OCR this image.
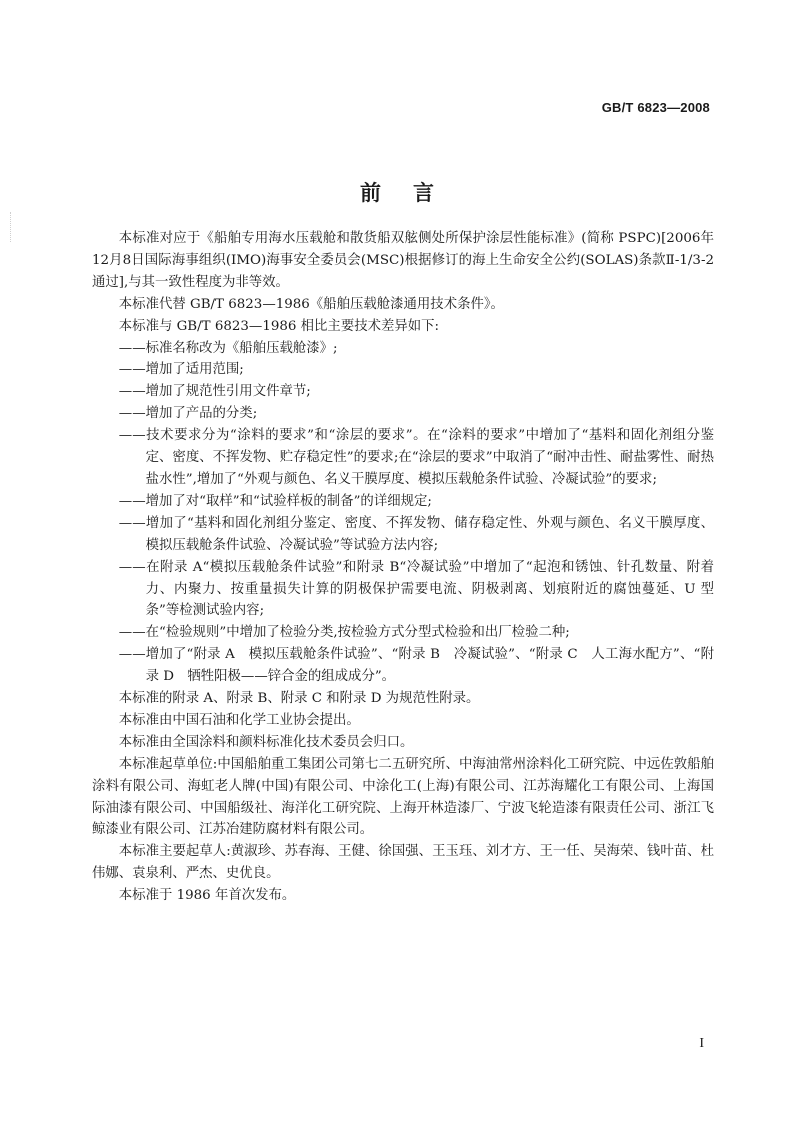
GB/T 6823—2008
前言

本标准对应于《船舶专用海水压载舱和散货船双舷侧处所保护涂层性能标准》(简称 PSPC)[2006年12月8日国际海事组织(IMO)海事安全委员会(MSC)根据修订的海上生命安全公约(SOLAS)条款Ⅱ-1/3-2通过],与其一致性程度为非等效。

本标准代替 GB/T 6823—1986《船舶压载舱漆通用技术条件》。

本标准与 GB/T 6823—1986 相比主要技术差异如下:

——标准名称改为《船舶压载舱漆》;

——增加了适用范围;

——增加了规范性引用文件章节;

——增加了产品的分类;

——技术要求分为“涂料的要求”和“涂层的要求”。在“涂料的要求”中增加了“基料和固化剂组分鉴定、密度、不挥发物、贮存稳定性”的要求;在“涂层的要求”中取消了“耐冲击性、耐盐雾性、耐热盐水性”,增加了“外观与颜色、名义干膜厚度、模拟压载舱条件试验、冷凝试验”的要求;

——增加了对“取样”和“试验样板的制备”的详细规定;

——增加了“基料和固化剂组分鉴定、密度、不挥发物、储存稳定性、外观与颜色、名义干膜厚度、模拟压载舱条件试验、冷凝试验”等试验方法内容;

——在附录 A“模拟压载舱条件试验”和附录 B“冷凝试验”中增加了“起泡和锈蚀、针孔数量、附着力、内聚力、按重量损失计算的阴极保护需要电流、阴极剥离、划痕附近的腐蚀蔓延、U 型条”等检测试验内容;

——在“检验规则”中增加了检验分类,按检验方式分型式检验和出厂检验二种;

——增加了“附录 A　模拟压载舱条件试验”、“附录 B　冷凝试验”、“附录 C　人工海水配方”、“附录 D　牺牲阳极——锌合金的组成成分”。

本标准的附录 A、附录 B、附录 C 和附录 D 为规范性附录。

本标准由中国石油和化学工业协会提出。

本标准由全国涂料和颜料标准化技术委员会归口。

本标准起草单位:中国船舶重工集团公司第七二五研究所、中海油常州涂料化工研究院、中远佐敦船舶涂料有限公司、海虹老人牌(中国)有限公司、中涂化工(上海)有限公司、江苏海耀化工有限公司、上海国际油漆有限公司、中国船级社、海洋化工研究院、上海开林造漆厂、宁波飞轮造漆有限责任公司、浙江飞鲸漆业有限公司、江苏冶建防腐材料有限公司。

本标准主要起草人:黄淑珍、苏春海、王健、徐国强、王玉珏、刘才方、王一任、吴海荣、钱叶苗、杜伟娜、袁泉利、严杰、史优良。

本标准于 1986 年首次发布。

I
